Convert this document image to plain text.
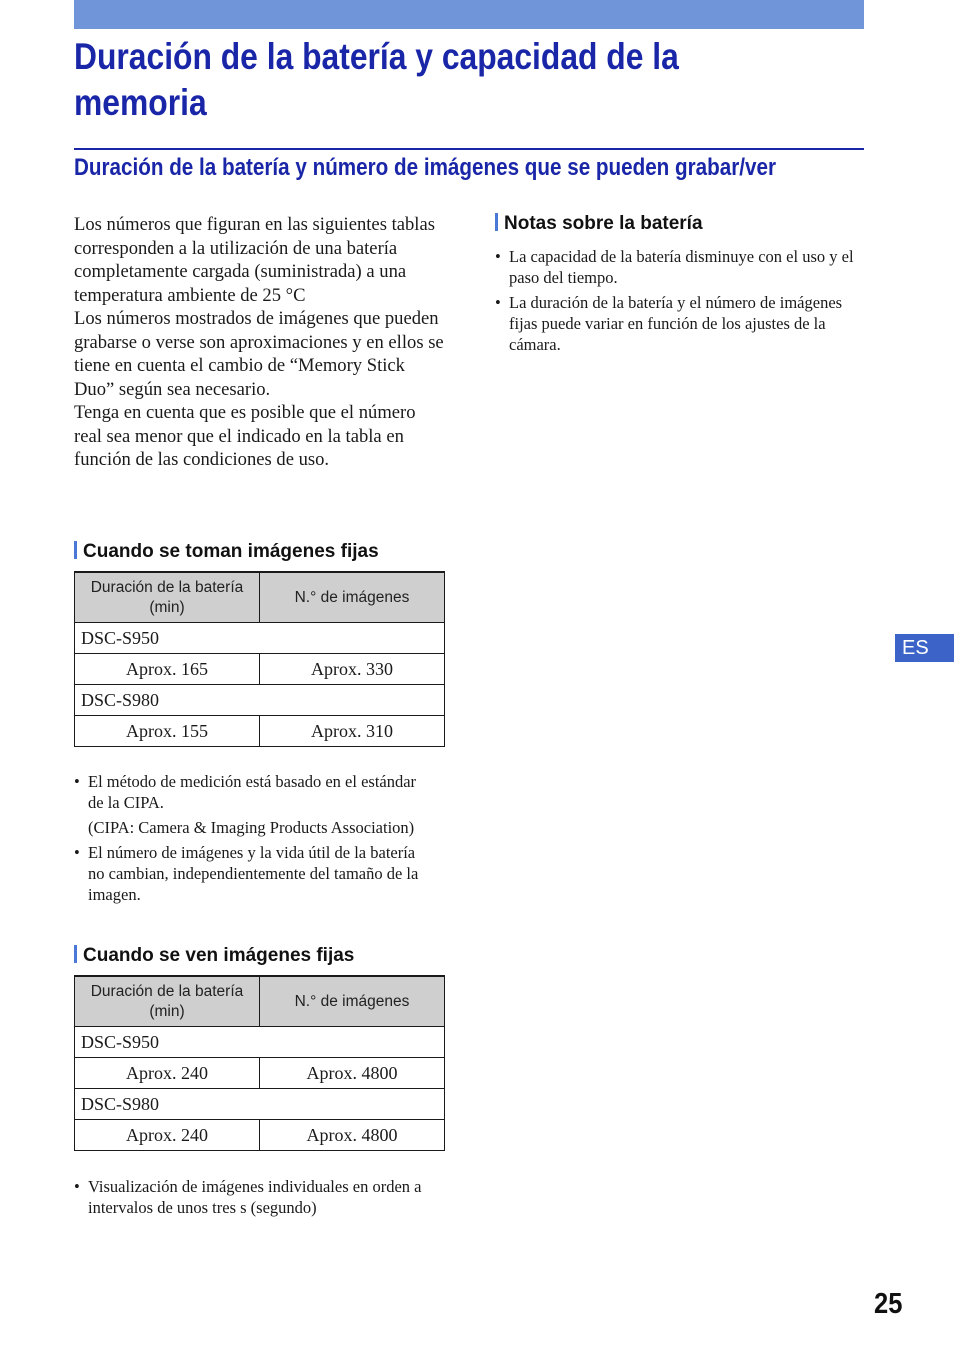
Duración de la batería y capacidad de la
memoria
Duración de la batería y número de imágenes que se pueden grabar/ver

Los números que figuran en las siguientes tablas corresponden a la utilización de una batería completamente cargada (suministrada) a una temperatura ambiente de 25 °C

Los números mostrados de imágenes que pueden grabarse o verse son aproximaciones y en ellos se tiene en cuenta el cambio de “Memory Stick Duo” según sea necesario.

Tenga en cuenta que es posible que el número real sea menor que el indicado en la tabla en función de las condiciones de uso.

Cuando se toman imágenes fijas
Duración de la batería (min)	N.° de imágenes
DSC-S950	
Aprox. 165	Aprox. 330
DSC-S980	
Aprox. 155	Aprox. 310
• El método de medición está basado en el estándar de la CIPA.
(CIPA: Camera & Imaging Products Association)
• El número de imágenes y la vida útil de la batería no cambian, independientemente del tamaño de la imagen.
Cuando se ven imágenes fijas
Duración de la batería (min)	N.° de imágenes
DSC-S950	
Aprox. 240	Aprox. 4800
DSC-S980	
Aprox. 240	Aprox. 4800
• Visualización de imágenes individuales en orden a intervalos de unos tres s (segundo)
Notas sobre la batería
• La capacidad de la batería disminuye con el uso y el paso del tiempo.
• La duración de la batería y el número de imágenes fijas puede variar en función de los ajustes de la cámara.
ES
25
